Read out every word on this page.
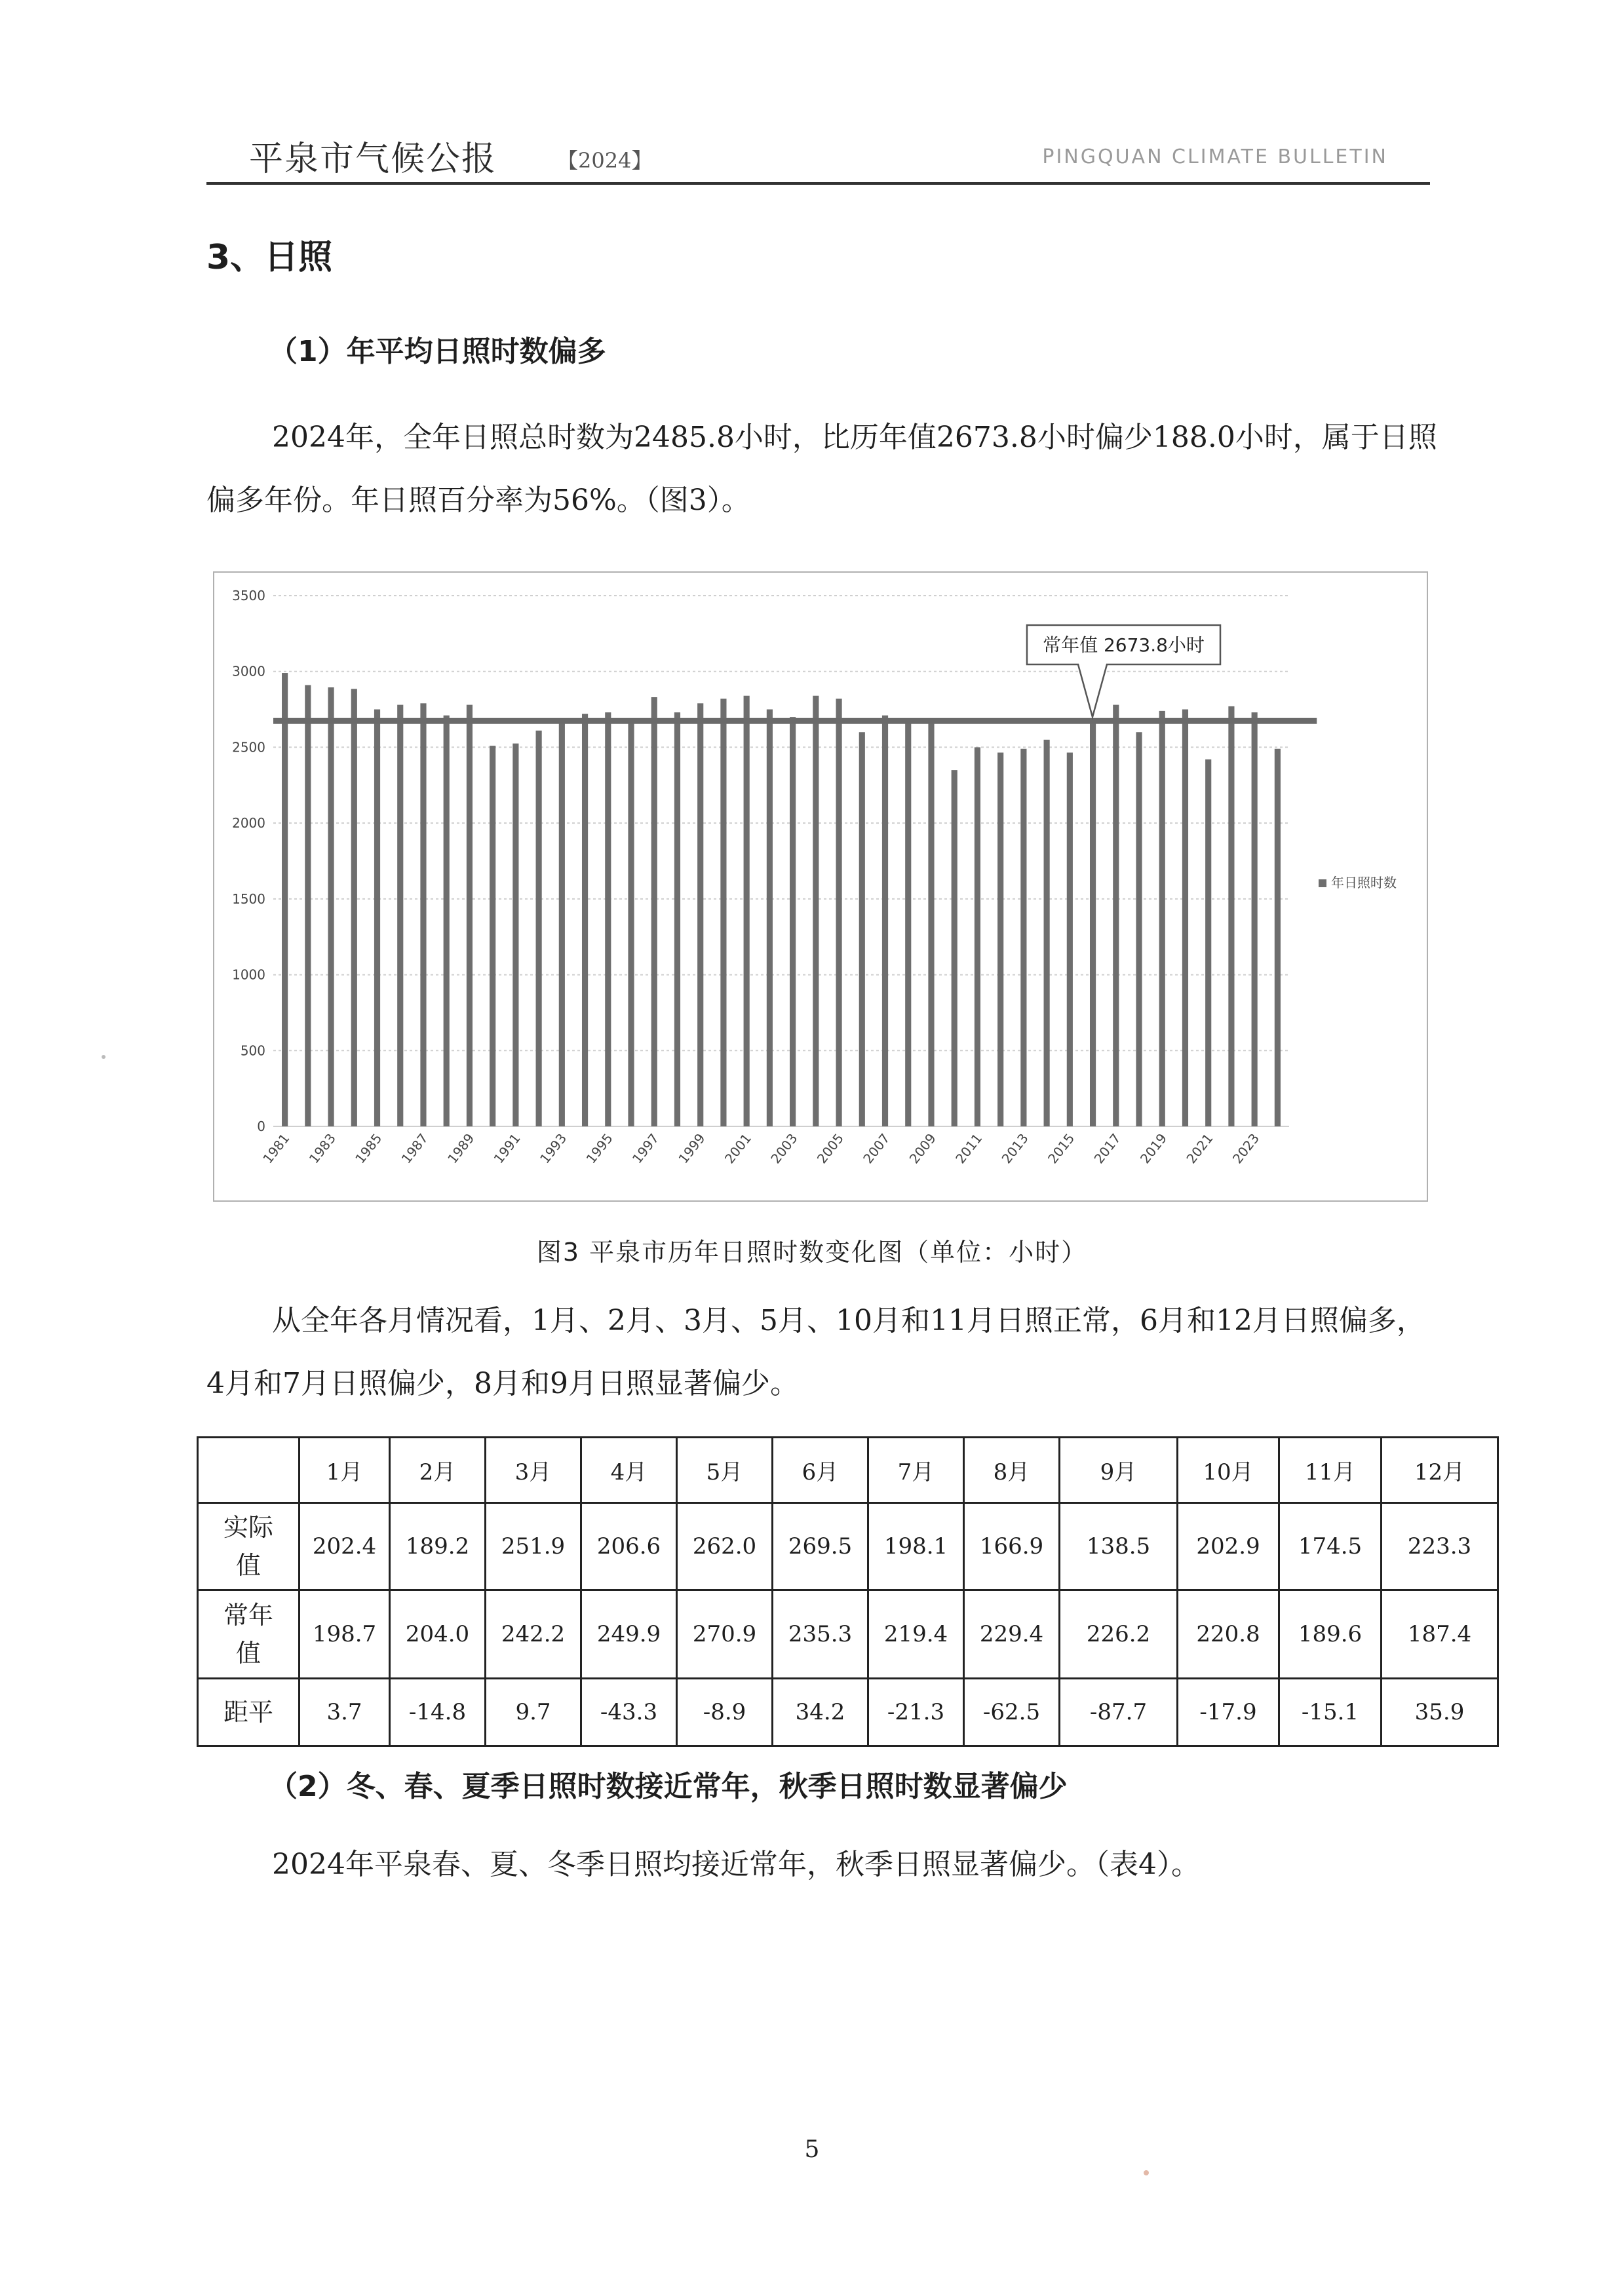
平泉市气候公报	【2024】	PINGQUAN CLIMATE BULLETIN
3、日照
（1）年平均日照时数偏多
2024年，全年日照总时数为2485.8小时，比历年值2673.8小时偏少188.0小时，属于日照偏多年份。年日照百分率为56%。（图3）。
0
500
1000
1500
2000
2500
3000
3500
1981 1983 1985 1987 1989 1991 1993 1995 1997 1999 2001 2003 2005 2007 2009 2011 2013 2015 2017 2019 2021 2023
常年值 2673.8小时
年日照时数
图3 平泉市历年日照时数变化图（单位：小时）
从全年各月情况看，1月、2月、3月、5月、10月和11月日照正常，6月和12月日照偏多，4月和7月日照偏少，8月和9月日照显著偏少。
	1月	2月	3月	4月	5月	6月	7月	8月	9月	10月	11月	12月

实际
值	202.4	189.2	251.9	206.6	262.0	269.5	198.1	166.9	138.5	202.9	174.5	223.3

常年
值	198.7	204.0	242.2	249.9	270.9	235.3	219.4	229.4	226.2	220.8	189.6	187.4

距平	3.7	-14.8	9.7	-43.3	-8.9	34.2	-21.3	-62.5	-87.7	-17.9	-15.1	35.9
（2）冬、春、夏季日照时数接近常年，秋季日照时数显著偏少
2024年平泉春、夏、冬季日照均接近常年，秋季日照显著偏少。（表4）。
5
